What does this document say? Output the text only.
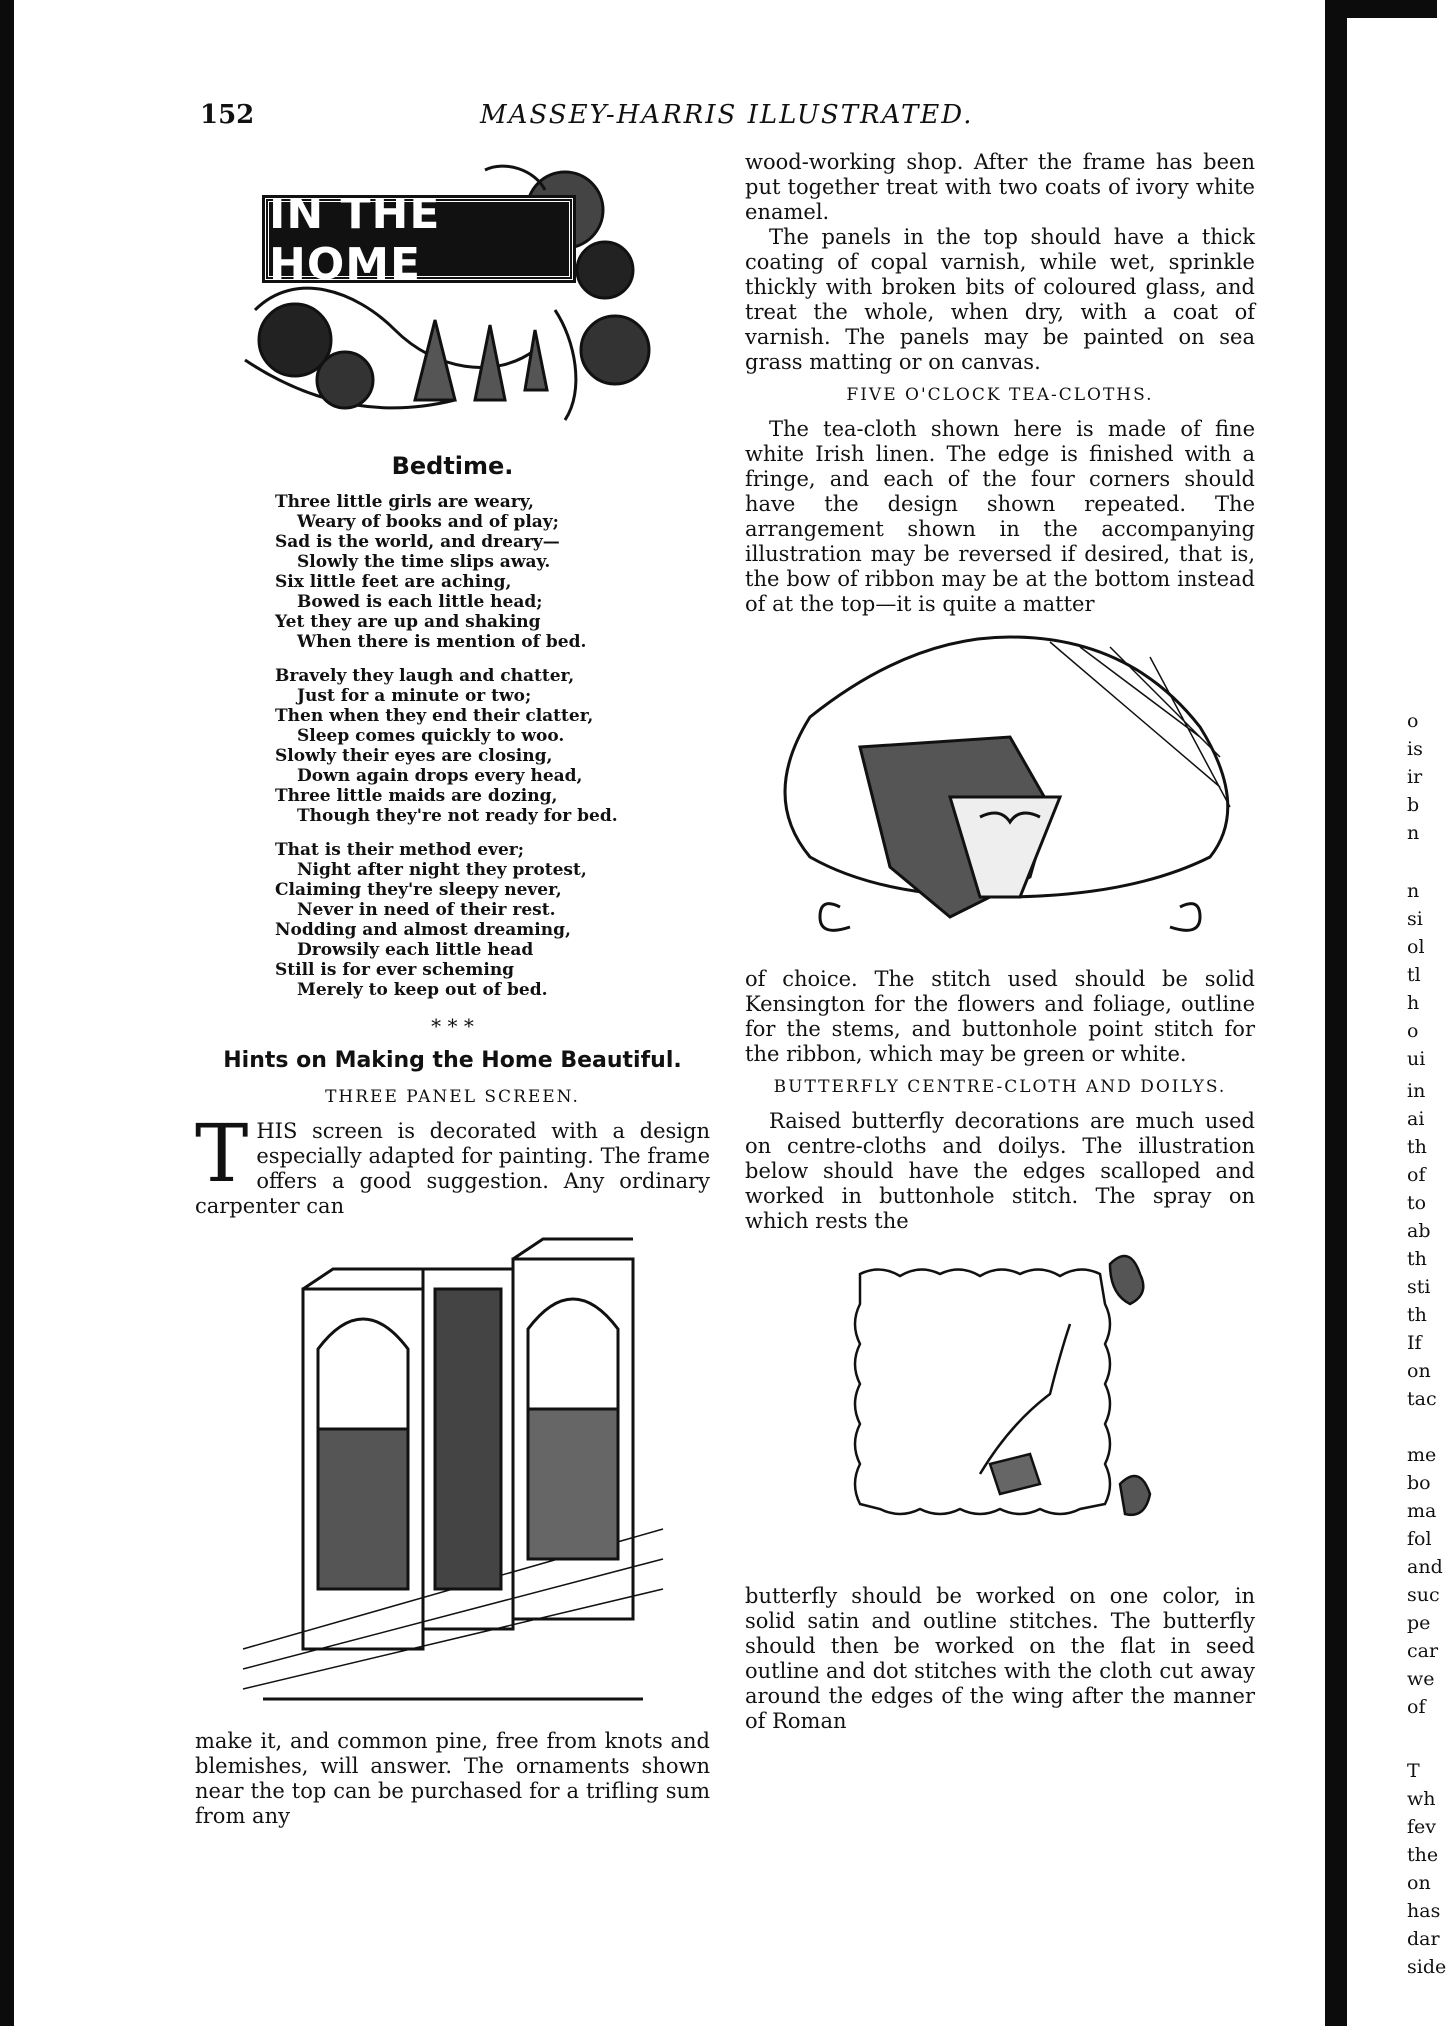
152	MASSEY-HARRIS ILLUSTRATED.
IN THE HOME
Bedtime.
Three little girls are weary,
Weary of books and of play;
Sad is the world, and dreary—
Slowly the time slips away.
Six little feet are aching,
Bowed is each little head;
Yet they are up and shaking
When there is mention of bed.
Bravely they laugh and chatter,
Just for a minute or two;
Then when they end their clatter,
Sleep comes quickly to woo.
Slowly their eyes are closing,
Down again drops every head,
Three little maids are dozing,
Though they're not ready for bed.
That is their method ever;
Night after night they protest,
Claiming they're sleepy never,
Never in need of their rest.
Nodding and almost dreaming,
Drowsily each little head
Still is for ever scheming
Merely to keep out of bed.
* * *
Hints on Making the Home Beautiful.
THREE PANEL SCREEN.

THIS screen is decorated with a design especially adapted for painting. The frame offers a good suggestion. Any ordinary carpenter can

make it, and common pine, free from knots and blemishes, will answer. The ornaments shown near the top can be purchased for a trifling sum from any

wood-working shop. After the frame has been put together treat with two coats of ivory white enamel.

The panels in the top should have a thick coating of copal varnish, while wet, sprinkle thickly with broken bits of coloured glass, and treat the whole, when dry, with a coat of varnish. The panels may be painted on sea grass matting or on canvas.

FIVE O'CLOCK TEA-CLOTHS.

The tea-cloth shown here is made of fine white Irish linen. The edge is finished with a fringe, and each of the four corners should have the design shown repeated. The arrangement shown in the accompanying illustration may be reversed if desired, that is, the bow of ribbon may be at the bottom instead of at the top—it is quite a matter

of choice. The stitch used should be solid Kensington for the flowers and foliage, outline for the stems, and buttonhole point stitch for the ribbon, which may be green or white.

BUTTERFLY CENTRE-CLOTH AND DOILYS.

Raised butterfly decorations are much used on centre-cloths and doilys. The illustration below should have the edges scalloped and worked in buttonhole stitch. The spray on which rests the

butterfly should be worked on one color, in solid satin and outline stitches. The butterfly should then be worked on the flat in seed outline and dot stitches with the cloth cut away around the edges of the wing after the manner of Roman

o
is
ir
b
n
n
si
ol
tl
h
o
ui
in
ai
th
of
to
ab
th
sti
th
If
on
tac
me
bo
ma
fol
and
suc
pe
car
we
of
T
wh
fev
the
on
has
dar
side
